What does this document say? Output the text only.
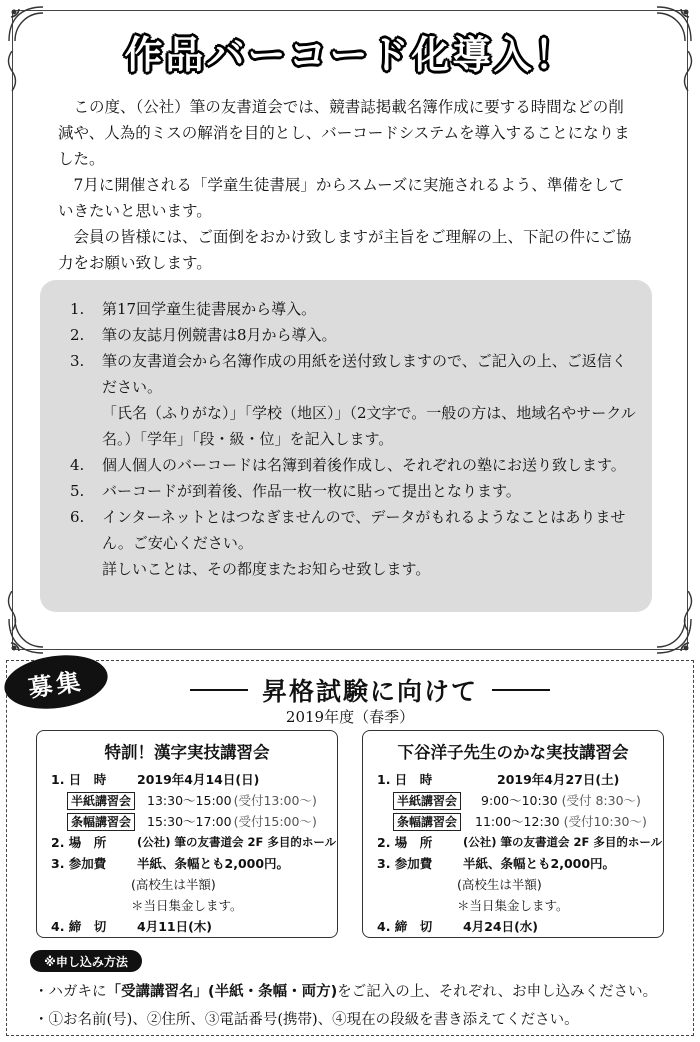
作品バーコード化導入！

この度、（公社）筆の友書道会では、競書誌掲載名簿作成に要する時間などの削減や、人為的ミスの解消を目的とし、バーコードシステムを導入することになりました。

7月に開催される「学童生徒書展」からスムーズに実施されるよう、準備をしていきたいと思います。

会員の皆様には、ご面倒をおかけ致しますが主旨をご理解の上、下記の件にご協力をお願い致します。

1.	第17回学童生徒書展から導入。
2.	筆の友誌月例競書は8月から導入。
3.	筆の友書道会から名簿作成の用紙を送付致しますので、ご記入の上、ご返信ください。
「氏名（ふりがな）」「学校（地区）」（2文字で。一般の方は、地域名やサークル名。）「学年」「段・級・位」を記入します。
4.	個人個人のバーコードは名簿到着後作成し、それぞれの塾にお送り致します。
5.	バーコードが到着後、作品一枚一枚に貼って提出となります。
6.	インターネットとはつなぎませんので、データがもれるようなことはありません。ご安心ください。
詳しいことは、その都度またお知らせ致します。
募集	昇格試験に向けて
2019年度（春季）
特訓！漢字実技講習会
1. 日　時	2019年4月14日(日)
半紙講習会	13:30〜15:00 (受付13:00〜)
条幅講習会	15:30〜17:00 (受付15:00〜)
2. 場　所	(公社) 筆の友書道会 2F 多目的ホール
3. 参加費	半紙、条幅とも2,000円。
(高校生は半額)
＊当日集金します。
4. 締　切	4月11日(木)
下谷洋子先生のかな実技講習会
1. 日　時	2019年4月27日(土)
半紙講習会	9:00〜10:30 (受付 8:30〜)
条幅講習会	11:00〜12:30 (受付10:30〜)
2. 場　所	(公社) 筆の友書道会 2F 多目的ホール
3. 参加費	半紙、条幅とも2,000円。
(高校生は半額)
＊当日集金します。
4. 締　切	4月24日(水)
※申し込み方法
・ハガキに「受講講習名」(半紙・条幅・両方)をご記入の上、それぞれ、お申し込みください。
・①お名前(号)、②住所、③電話番号(携帯)、④現在の段級を書き添えてください。
